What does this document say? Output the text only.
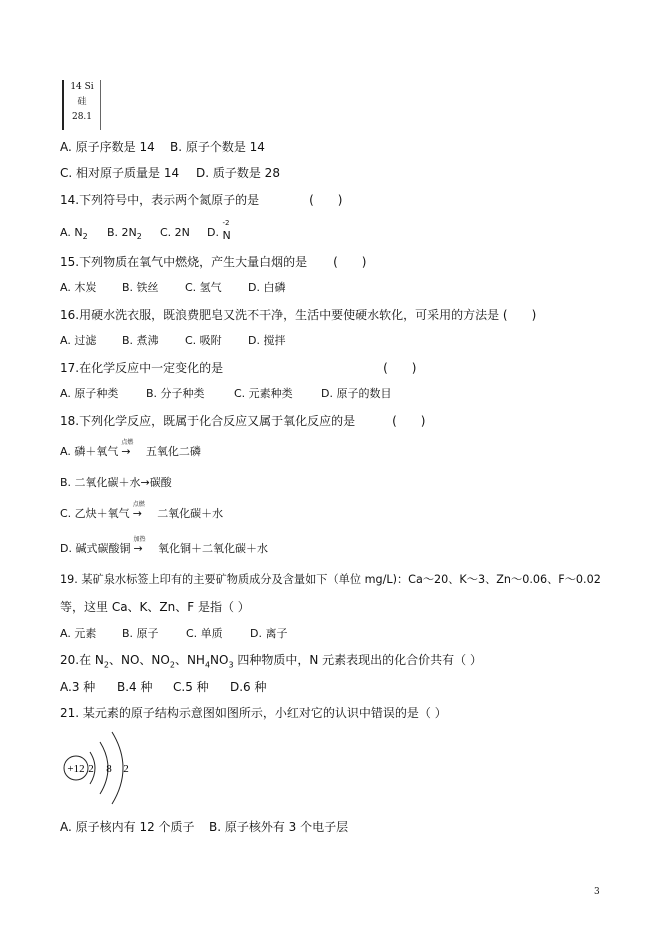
14 Si
硅
28.1
A. 原子序数是 14 B. 原子个数是 14
C. 相对原子质量是 14 D. 质子数是 28
14.下列符号中，表示两个氮原子的是	(　　)
A. $N_2$ B. $2N_2$ C. 2N D.
-2
N
15.下列物质在氧气中燃烧，产生大量白烟的是 (　　)
A. 木炭 B. 铁丝 C. 氢气 D. 白磷
16.用硬水洗衣服，既浪费肥皂又洗不干净，生活中要使硬水软化，可采用的方法是 (　　)
A. 过滤 B. 煮沸 C. 吸附 D. 搅拌
17.在化学反应中一定变化的是	(　　)
A. 原子种类	B. 分子种类	C. 元素种类	D. 原子的数目
18.下列化学反应，既属于化合反应又属于氧化反应的是	(　　)
A. 磷＋氧气
点燃
→ 五氧化二磷
B. 二氧化碳＋水→碳酸
C. 乙炔＋氧气
点燃
→ 二氧化碳＋水
D. 碱式碳酸铜
加热
→ 氧化铜＋二氧化碳＋水
19. 某矿泉水标签上印有的主要矿物质成分及含量如下（单位 mg/L)：Ca～20、K～3、Zn～0.06、F～0.02
等，这里 Ca、K、Zn、F 是指（ ）
A. 元素 B. 原子 C. 单质 D. 离子
20.在 $N_2$、NO、$NO_2$、$NH_4NO_3$ 四种物质中，N 元素表现出的化合价共有（ ）
A.3 种 B.4 种 C.5 种 D.6 种
21. 某元素的原子结构示意图如图所示，小红对它的认识中错误的是（ ）
+12 2 8 2
A. 原子核内有 12 个质子 B. 原子核外有 3 个电子层
3
